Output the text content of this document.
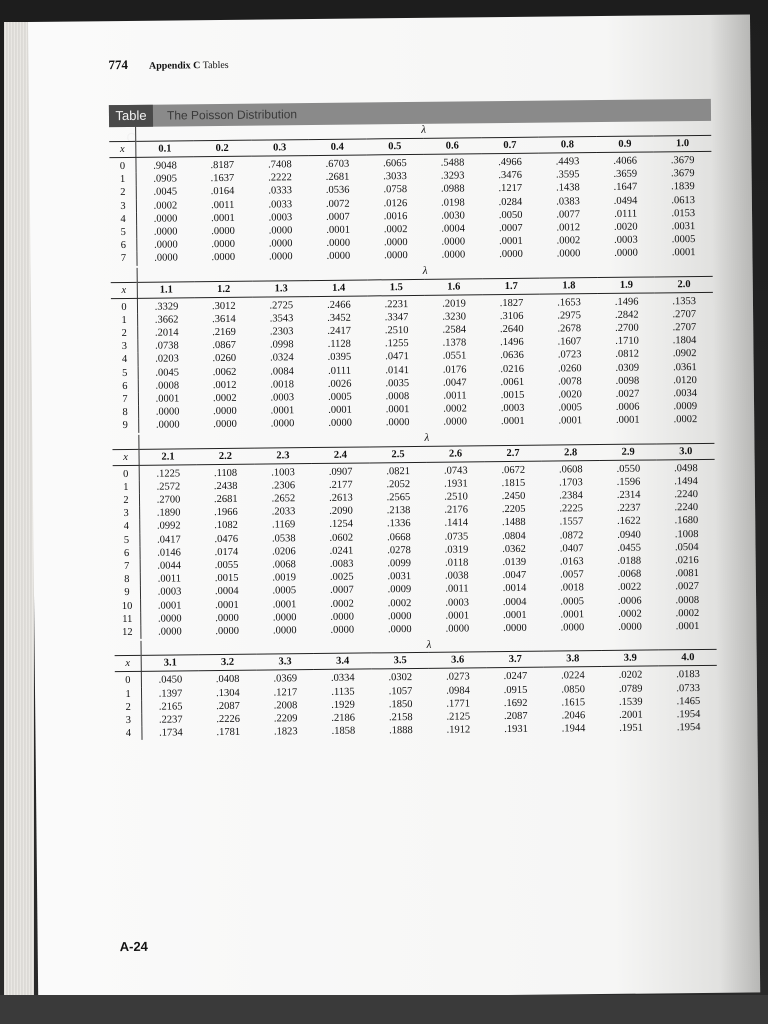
774 Appendix C Tables
Table C
The Poisson Distribution
	λ									
x	0.1	0.2	0.3	0.4	0.5	0.6	0.7	0.8	0.9	1.0
0	.9048	.8187	.7408	.6703	.6065	.5488	.4966	.4493	.4066	.3679
1	.0905	.1637	.2222	.2681	.3033	.3293	.3476	.3595	.3659	.3679
2	.0045	.0164	.0333	.0536	.0758	.0988	.1217	.1438	.1647	.1839
3	.0002	.0011	.0033	.0072	.0126	.0198	.0284	.0383	.0494	.0613
4	.0000	.0001	.0003	.0007	.0016	.0030	.0050	.0077	.0111	.0153
5	.0000	.0000	.0000	.0001	.0002	.0004	.0007	.0012	.0020	.0031
6	.0000	.0000	.0000	.0000	.0000	.0000	.0001	.0002	.0003	.0005
7	.0000	.0000	.0000	.0000	.0000	.0000	.0000	.0000	.0000	.0001
	λ									
x	1.1	1.2	1.3	1.4	1.5	1.6	1.7	1.8	1.9	2.0
0	.3329	.3012	.2725	.2466	.2231	.2019	.1827	.1653	.1496	.1353
1	.3662	.3614	.3543	.3452	.3347	.3230	.3106	.2975	.2842	.2707
2	.2014	.2169	.2303	.2417	.2510	.2584	.2640	.2678	.2700	.2707
3	.0738	.0867	.0998	.1128	.1255	.1378	.1496	.1607	.1710	.1804
4	.0203	.0260	.0324	.0395	.0471	.0551	.0636	.0723	.0812	.0902
5	.0045	.0062	.0084	.0111	.0141	.0176	.0216	.0260	.0309	.0361
6	.0008	.0012	.0018	.0026	.0035	.0047	.0061	.0078	.0098	.0120
7	.0001	.0002	.0003	.0005	.0008	.0011	.0015	.0020	.0027	.0034
8	.0000	.0000	.0001	.0001	.0001	.0002	.0003	.0005	.0006	.0009
9	.0000	.0000	.0000	.0000	.0000	.0000	.0001	.0001	.0001	.0002
	λ									
x	2.1	2.2	2.3	2.4	2.5	2.6	2.7	2.8	2.9	3.0
0	.1225	.1108	.1003	.0907	.0821	.0743	.0672	.0608	.0550	.0498
1	.2572	.2438	.2306	.2177	.2052	.1931	.1815	.1703	.1596	.1494
2	.2700	.2681	.2652	.2613	.2565	.2510	.2450	.2384	.2314	.2240
3	.1890	.1966	.2033	.2090	.2138	.2176	.2205	.2225	.2237	.2240
4	.0992	.1082	.1169	.1254	.1336	.1414	.1488	.1557	.1622	.1680
5	.0417	.0476	.0538	.0602	.0668	.0735	.0804	.0872	.0940	.1008
6	.0146	.0174	.0206	.0241	.0278	.0319	.0362	.0407	.0455	.0504
7	.0044	.0055	.0068	.0083	.0099	.0118	.0139	.0163	.0188	.0216
8	.0011	.0015	.0019	.0025	.0031	.0038	.0047	.0057	.0068	.0081
9	.0003	.0004	.0005	.0007	.0009	.0011	.0014	.0018	.0022	.0027
10	.0001	.0001	.0001	.0002	.0002	.0003	.0004	.0005	.0006	.0008
11	.0000	.0000	.0000	.0000	.0000	.0001	.0001	.0001	.0002	.0002
12	.0000	.0000	.0000	.0000	.0000	.0000	.0000	.0000	.0000	.0001
	λ									
x	3.1	3.2	3.3	3.4	3.5	3.6	3.7	3.8	3.9	4.0
0	.0450	.0408	.0369	.0334	.0302	.0273	.0247	.0224	.0202	.0183
1	.1397	.1304	.1217	.1135	.1057	.0984	.0915	.0850	.0789	.0733
2	.2165	.2087	.2008	.1929	.1850	.1771	.1692	.1615	.1539	.1465
3	.2237	.2226	.2209	.2186	.2158	.2125	.2087	.2046	.2001	.1954
4	.1734	.1781	.1823	.1858	.1888	.1912	.1931	.1944	.1951	.1954
A-24
